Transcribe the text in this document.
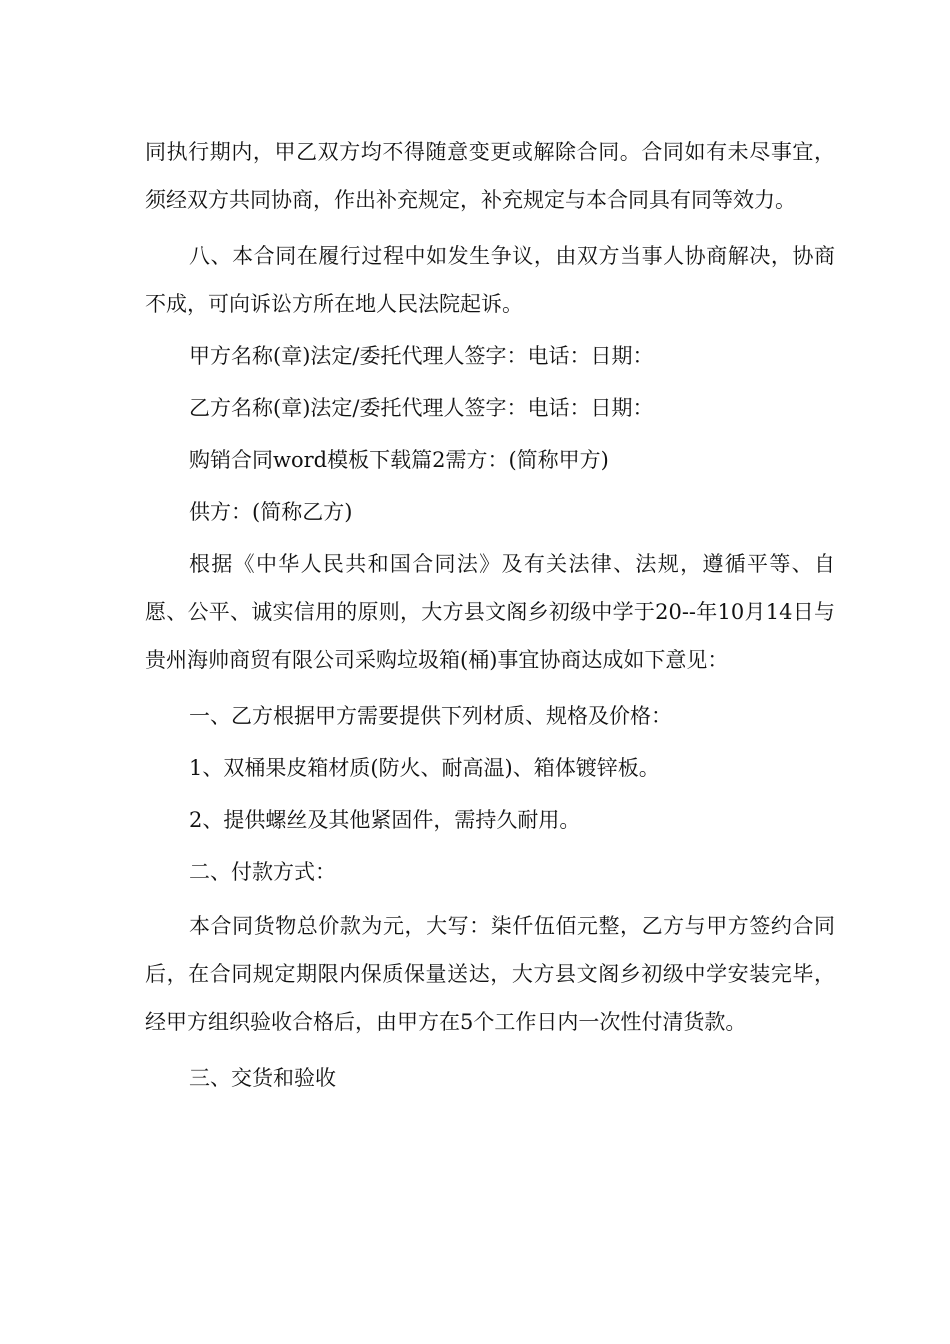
同执行期内，甲乙双方均不得随意变更或解除合同。合同如有未尽事宜，须经双方共同协商，作出补充规定，补充规定与本合同具有同等效力。

八、本合同在履行过程中如发生争议，由双方当事人协商解决，协商不成，可向诉讼方所在地人民法院起诉。

甲方名称(章)法定/委托代理人签字：电话：日期：

乙方名称(章)法定/委托代理人签字：电话：日期：

购销合同word模板下载篇2需方：(简称甲方)

供方：(简称乙方)

根据《中华人民共和国合同法》及有关法律、法规，遵循平等、自愿、公平、诚实信用的原则，大方县文阁乡初级中学于20--年10月14日与贵州海帅商贸有限公司采购垃圾箱(桶)事宜协商达成如下意见：

一、乙方根据甲方需要提供下列材质、规格及价格：

1、双桶果皮箱材质(防火、耐高温)、箱体镀锌板。

2、提供螺丝及其他紧固件，需持久耐用。

二、付款方式：

本合同货物总价款为元，大写：柒仟伍佰元整，乙方与甲方签约合同后，在合同规定期限内保质保量送达，大方县文阁乡初级中学安装完毕，经甲方组织验收合格后，由甲方在5个工作日内一次性付清货款。

三、交货和验收
